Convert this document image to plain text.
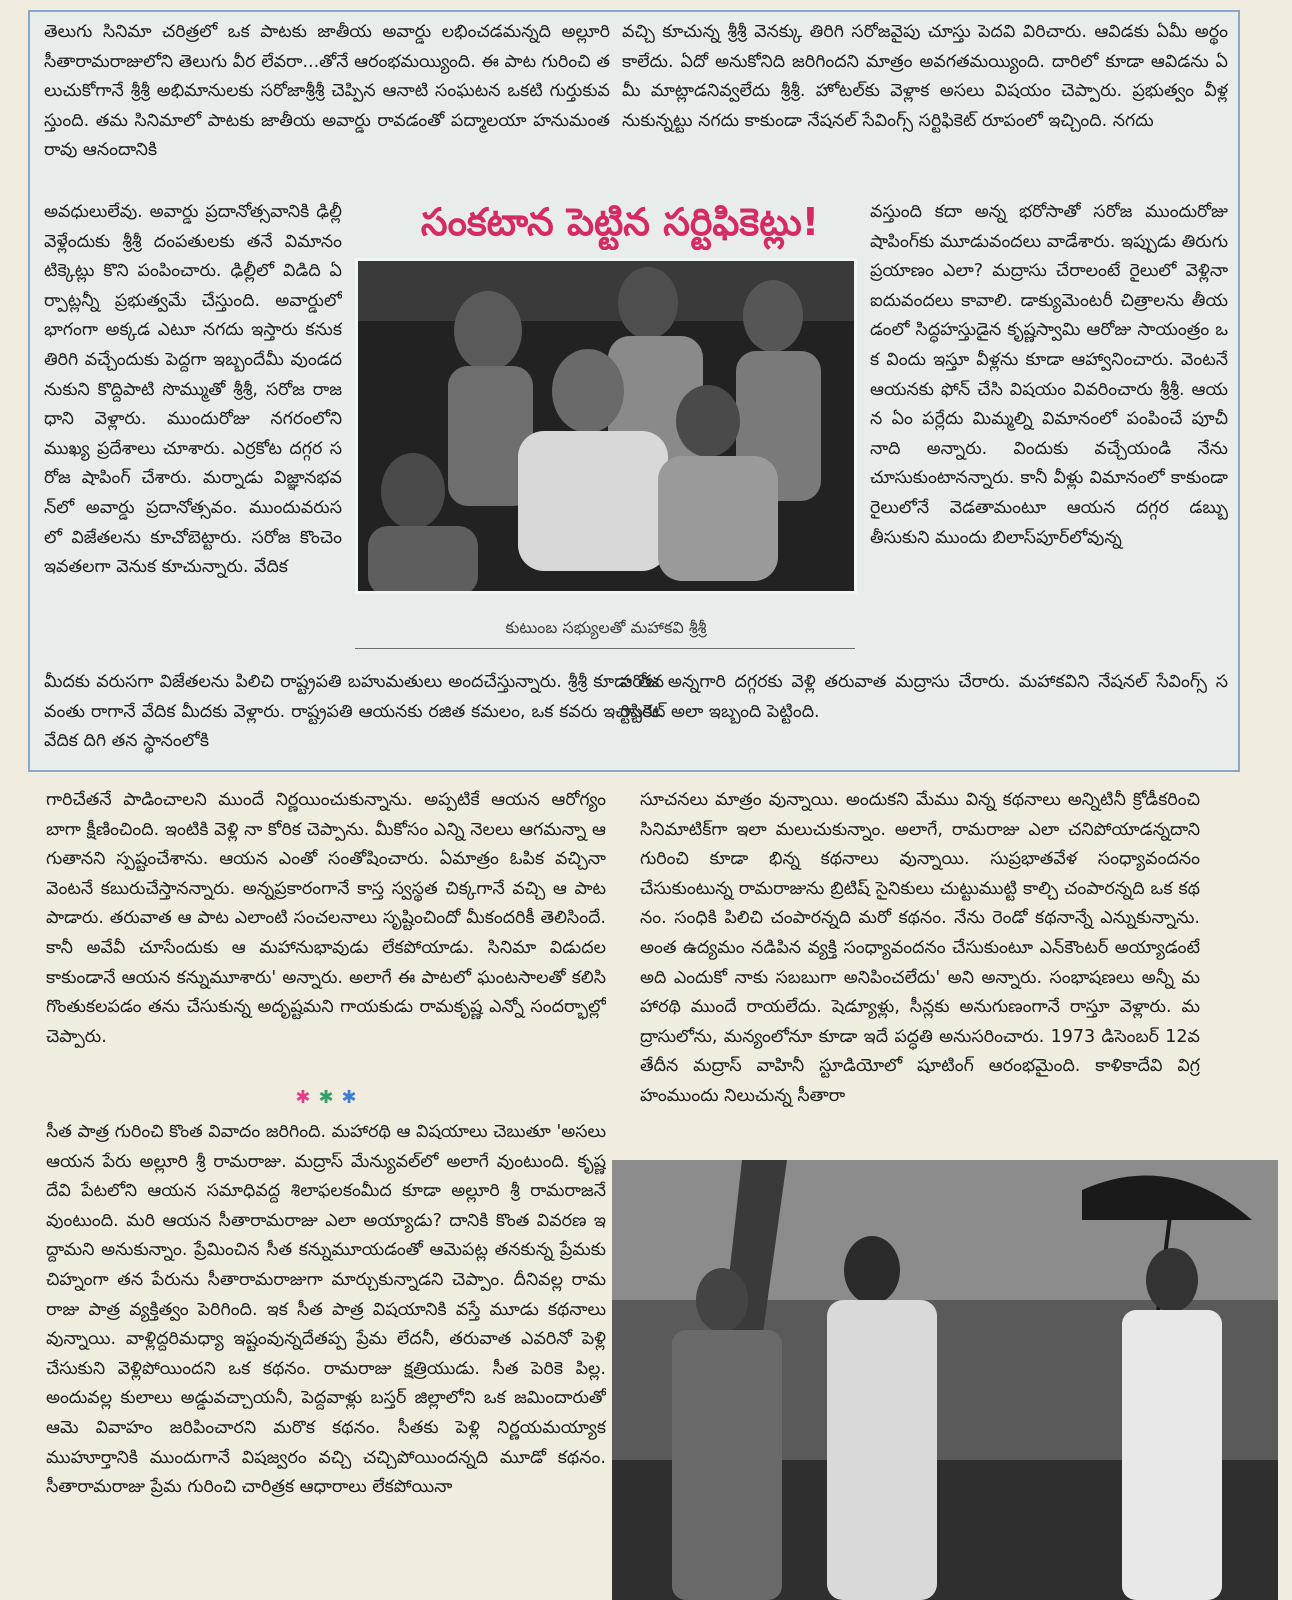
తెలుగు సినిమా చరిత్రలో ఒక పాటకు జాతీయ అవార్డు లభించడమన్నది అల్లూరి సీతారామరాజులోని తెలుగు వీర లేవరా...తోనే ఆరంభమయ్యింది. ఈ పాట గురించి తలుచుకోగానే శ్రీశ్రీ అభిమానులకు సరోజాశ్రీశ్రీ చెప్పిన ఆనాటి సంఘటన ఒకటి గుర్తుకువస్తుంది. తమ సినిమాలో పాటకు జాతీయ అవార్డు రావడంతో పద్మాలయా హనుమంతరావు ఆనందానికి

వచ్చి కూచున్న శ్రీశ్రీ వెనక్కు తిరిగి సరోజవైపు చూస్తు పెదవి విరిచారు. ఆవిడకు ఏమీ అర్థం కాలేదు. ఏదో అనుకోనిది జరిగిందని మాత్రం అవగతమయ్యింది. దారిలో కూడా ఆవిడను ఏమీ మాట్లాడనివ్వలేదు శ్రీశ్రీ. హోటల్‌కు వెళ్లాక అసలు విషయం చెప్పారు. ప్రభుత్వం వీళ్లనుకున్నట్టు నగదు కాకుండా నేషనల్ సేవింగ్స్ సర్టిఫికెట్ రూపంలో ఇచ్చింది. నగదు

అవధులులేవు. అవార్డు ప్రదానోత్సవానికి ఢిల్లీ వెళ్లేందుకు శ్రీశ్రీ దంపతులకు తనే విమానం టిక్కెట్లు కొని పంపించారు. ఢిల్లీలో విడిది ఏర్పాట్లన్నీ ప్రభుత్వమే చేస్తుంది. అవార్డులో భాగంగా అక్కడ ఎటూ నగదు ఇస్తారు కనుక తిరిగి వచ్చేందుకు పెద్దగా ఇబ్బందేమీ వుండదనుకుని కొద్దిపాటి సొమ్ముతో శ్రీశ్రీ, సరోజ రాజధాని వెళ్లారు. ముందురోజు నగరంలోని ముఖ్య ప్రదేశాలు చూశారు. ఎర్రకోట దగ్గర సరోజ షాపింగ్ చేశారు. మర్నాడు విజ్ఞానభవన్‌లో అవార్డు ప్రదానోత్సవం. ముందువరుసలో విజేతలను కూచోబెట్టారు. సరోజ కొంచెం ఇవతలగా వెనుక కూచున్నారు. వేదిక

వస్తుంది కదా అన్న భరోసాతో సరోజ ముందురోజు షాపింగ్‌కు మూడువందలు వాడేశారు. ఇప్పుడు తిరుగు ప్రయాణం ఎలా? మద్రాసు చేరాలంటే రైలులో వెళ్లినా ఐదువందలు కావాలి. డాక్యుమెంటరీ చిత్రాలను తీయడంలో సిద్ధహస్తుడైన కృష్ణస్వామి ఆరోజు సాయంత్రం ఒక విందు ఇస్తూ వీళ్లను కూడా ఆహ్వానించారు. వెంటనే ఆయనకు ఫోన్ చేసి విషయం వివరించారు శ్రీశ్రీ. ఆయన ఏం పర్లేదు మిమ్మల్ని విమానంలో పంపించే పూచీ నాది అన్నారు. విందుకు వచ్చేయండి నేను చూసుకుంటానన్నారు. కానీ వీళ్లు విమానంలో కాకుండా రైలులోనే వెడతామంటూ ఆయన దగ్గర డబ్బు తీసుకుని ముందు బిలాస్‌పూర్‌లోవున్న

మీదకు వరుసగా విజేతలను పిలిచి రాష్ట్రపతి బహుమతులు అందచేస్తున్నారు. శ్రీశ్రీ కూడా తనవంతు రాగానే వేదిక మీదకు వెళ్లారు. రాష్ట్రపతి ఆయనకు రజిత కమలం, ఒక కవరు ఇచ్చారు. వేదిక దిగి తన స్థానంలోకి

సరోజ అన్నగారి దగ్గరకు వెళ్లి తరువాత మద్రాసు చేరారు. మహాకవిని నేషనల్ సేవింగ్స్ సర్టిఫికెట్ అలా ఇబ్బంది పెట్టింది.

సంకటాన పెట్టిన సర్టిఫికెట్లు!
కుటుంబ సభ్యులతో మహాకవి శ్రీశ్రీ

గారిచేతనే పాడించాలని ముందే నిర్ణయించుకున్నాను. అప్పటికే ఆయన ఆరోగ్యం బాగా క్షీణించింది. ఇంటికి వెళ్లి నా కోరిక చెప్పాను. మీకోసం ఎన్ని నెలలు ఆగమన్నా ఆగుతానని స్పష్టంచేశాను. ఆయన ఎంతో సంతోషించారు. ఏమాత్రం ఓపిక వచ్చినా వెంటనే కబురుచేస్తానన్నారు. అన్నప్రకారంగానే కాస్త స్వస్థత చిక్కగానే వచ్చి ఆ పాట పాడారు. తరువాత ఆ పాట ఎలాంటి సంచలనాలు సృష్టించిందో మీకందరికీ తెలిసిందే. కానీ అవేవీ చూసేందుకు ఆ మహానుభావుడు లేకపోయాడు. సినిమా విడుదలకాకుండానే ఆయన కన్నుమూశారు' అన్నారు. అలాగే ఈ పాటలో ఘంటసాలతో కలిసి గొంతుకలపడం తను చేసుకున్న అదృష్టమని గాయకుడు రామకృష్ణ ఎన్నో సందర్భాల్లో చెప్పారు.

✱ ✱ ✱

సీత పాత్ర గురించి కొంత వివాదం జరిగింది. మహారథి ఆ విషయాలు చెబుతూ 'అసలు ఆయన పేరు అల్లూరి శ్రీ రామరాజు. మద్రాస్ మేన్యువల్‌లో అలాగే వుంటుంది. కృష్ణదేవి పేటలోని ఆయన సమాధివద్ద శిలాఫలకంమీద కూడా అల్లూరి శ్రీ రామరాజనే వుంటుంది. మరి ఆయన సీతారామరాజు ఎలా అయ్యాడు? దానికి కొంత వివరణ ఇద్దామని అనుకున్నాం. ప్రేమించిన సీత కన్నుమూయడంతో ఆమెపట్ల తనకున్న ప్రేమకు చిహ్నంగా తన పేరును సీతారామరాజుగా మార్చుకున్నాడని చెప్పాం. దీనివల్ల రామరాజు పాత్ర వ్యక్తిత్వం పెరిగింది. ఇక సీత పాత్ర విషయానికి వస్తే మూడు కథనాలు వున్నాయి. వాళ్లిద్దరిమధ్యా ఇష్టంవున్నదేతప్ప ప్రేమ లేదనీ, తరువాత ఎవరినో పెళ్లి చేసుకుని వెళ్లిపోయిందని ఒక కథనం. రామరాజు క్షత్రియుడు. సీత పెరికె పిల్ల. అందువల్ల కులాలు అడ్డువచ్చాయనీ, పెద్దవాళ్లు బస్తర్ జిల్లాలోని ఒక జమిందారుతో ఆమె వివాహం జరిపించారని మరొక కథనం. సీతకు పెళ్లి నిర్ణయమయ్యాక ముహూర్తానికి ముందుగానే విషజ్వరం వచ్చి చచ్చిపోయిందన్నది మూడో కథనం. సీతారామరాజు ప్రేమ గురించి చారిత్రక ఆధారాలు లేకపోయినా

సూచనలు మాత్రం వున్నాయి. అందుకని మేము విన్న కథనాలు అన్నిటినీ క్రోడీకరించి సినిమాటిక్‌గా ఇలా మలుచుకున్నాం. అలాగే, రామరాజు ఎలా చనిపోయాడన్నదాని గురించి కూడా భిన్న కథనాలు వున్నాయి. సుప్రభాతవేళ సంధ్యావందనం చేసుకుంటున్న రామరాజును బ్రిటిష్ సైనికులు చుట్టుముట్టి కాల్చి చంపారన్నది ఒక కథనం. సంధికి పిలిచి చంపారన్నది మరో కథనం. నేను రెండో కథనాన్నే ఎన్నుకున్నాను. అంత ఉద్యమం నడిపిన వ్యక్తి సంధ్యావందనం చేసుకుంటూ ఎన్‌కౌంటర్ అయ్యాడంటే అది ఎందుకో నాకు సబబుగా అనిపించలేదు' అని అన్నారు. సంభాషణలు అన్నీ మహారథి ముందే రాయలేదు. షెడ్యూళ్లు, సీన్లకు అనుగుణంగానే రాస్తూ వెళ్లారు. మద్రాసులోను, మన్యంలోనూ కూడా ఇదే పద్ధతి అనుసరించారు. 1973 డిసెంబర్ 12వ తేదీన మద్రాస్ వాహినీ స్టూడియోలో షూటింగ్ ఆరంభమైంది. కాళికాదేవి విగ్రహంముందు నిలుచున్న సీతారా
